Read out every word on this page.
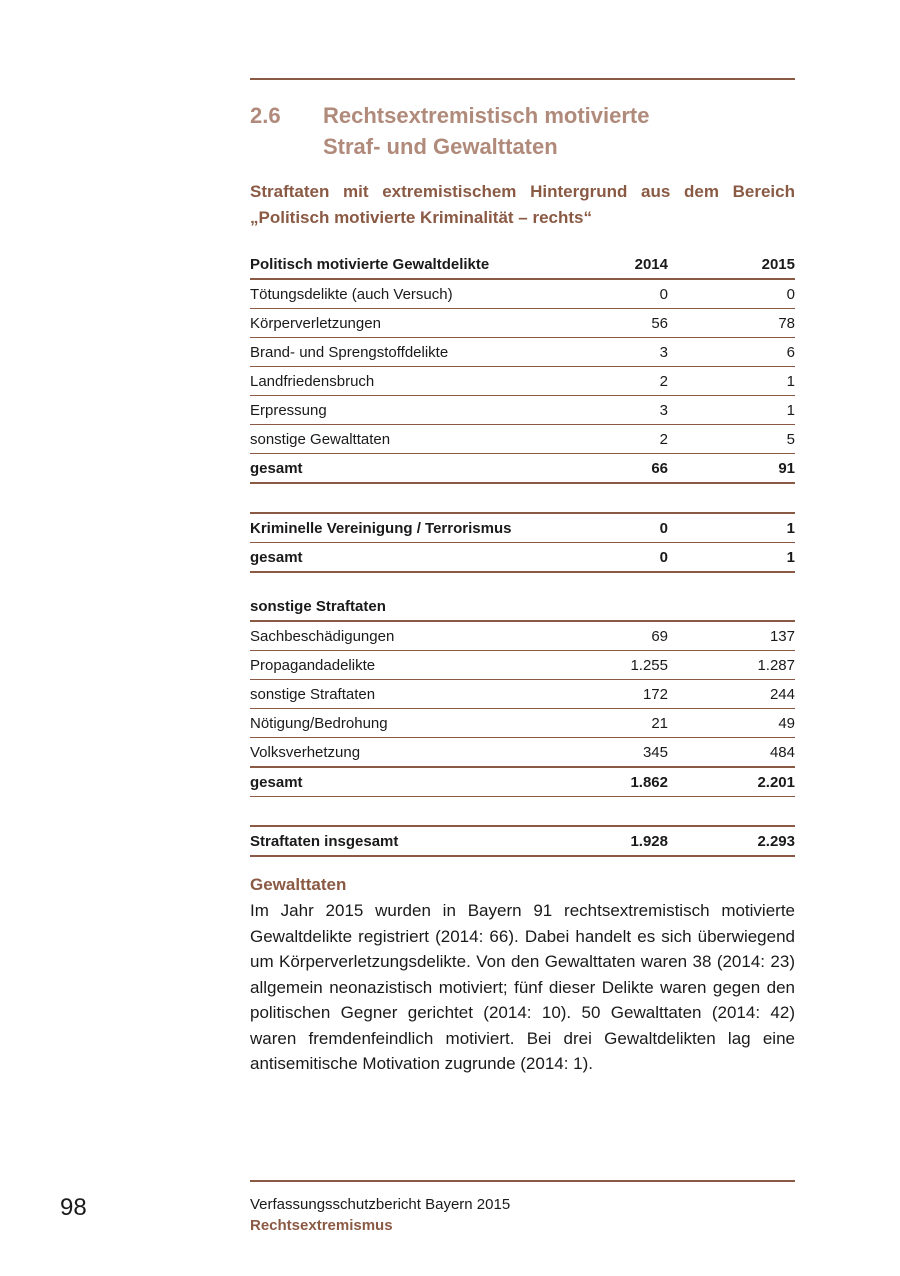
2.6 Rechtsextremistisch motivierte
Straf- und Gewalttaten
Straftaten mit extremistischem Hintergrund aus dem Bereich
„Politisch motivierte Kriminalität – rechts“
Politisch motivierte Gewaltdelikte	2014	2015
Tötungsdelikte (auch Versuch)	0	0
Körperverletzungen	56	78
Brand- und Sprengstoffdelikte	3	6
Landfriedensbruch	2	1
Erpressung	3	1
sonstige Gewalttaten	2	5
gesamt	66	91

Kriminelle Vereinigung / Terrorismus	0	1
gesamt	0	1

sonstige Straftaten		
Sachbeschädigungen	69	137
Propagandadelikte	1.255	1.287
sonstige Straftaten	172	244
Nötigung/Bedrohung	21	49
Volksverhetzung	345	484
gesamt	1.862	2.201

Straftaten insgesamt	1.928	2.293
Gewalttaten
Im Jahr 2015 wurden in Bayern 91 rechtsextremistisch motivierte Gewaltdelikte registriert (2014: 66). Dabei handelt es sich überwiegend um Körperverletzungsdelikte. Von den Gewalttaten waren 38 (2014: 23) allgemein neonazistisch motiviert; fünf dieser Delikte waren gegen den politischen Gegner gerichtet (2014: 10). 50 Gewalttaten (2014: 42) waren fremdenfeindlich motiviert. Bei drei Gewaltdelikten lag eine antisemitische Motivation zugrunde (2014: 1).
98	Verfassungsschutzbericht Bayern 2015
Rechtsextremismus
